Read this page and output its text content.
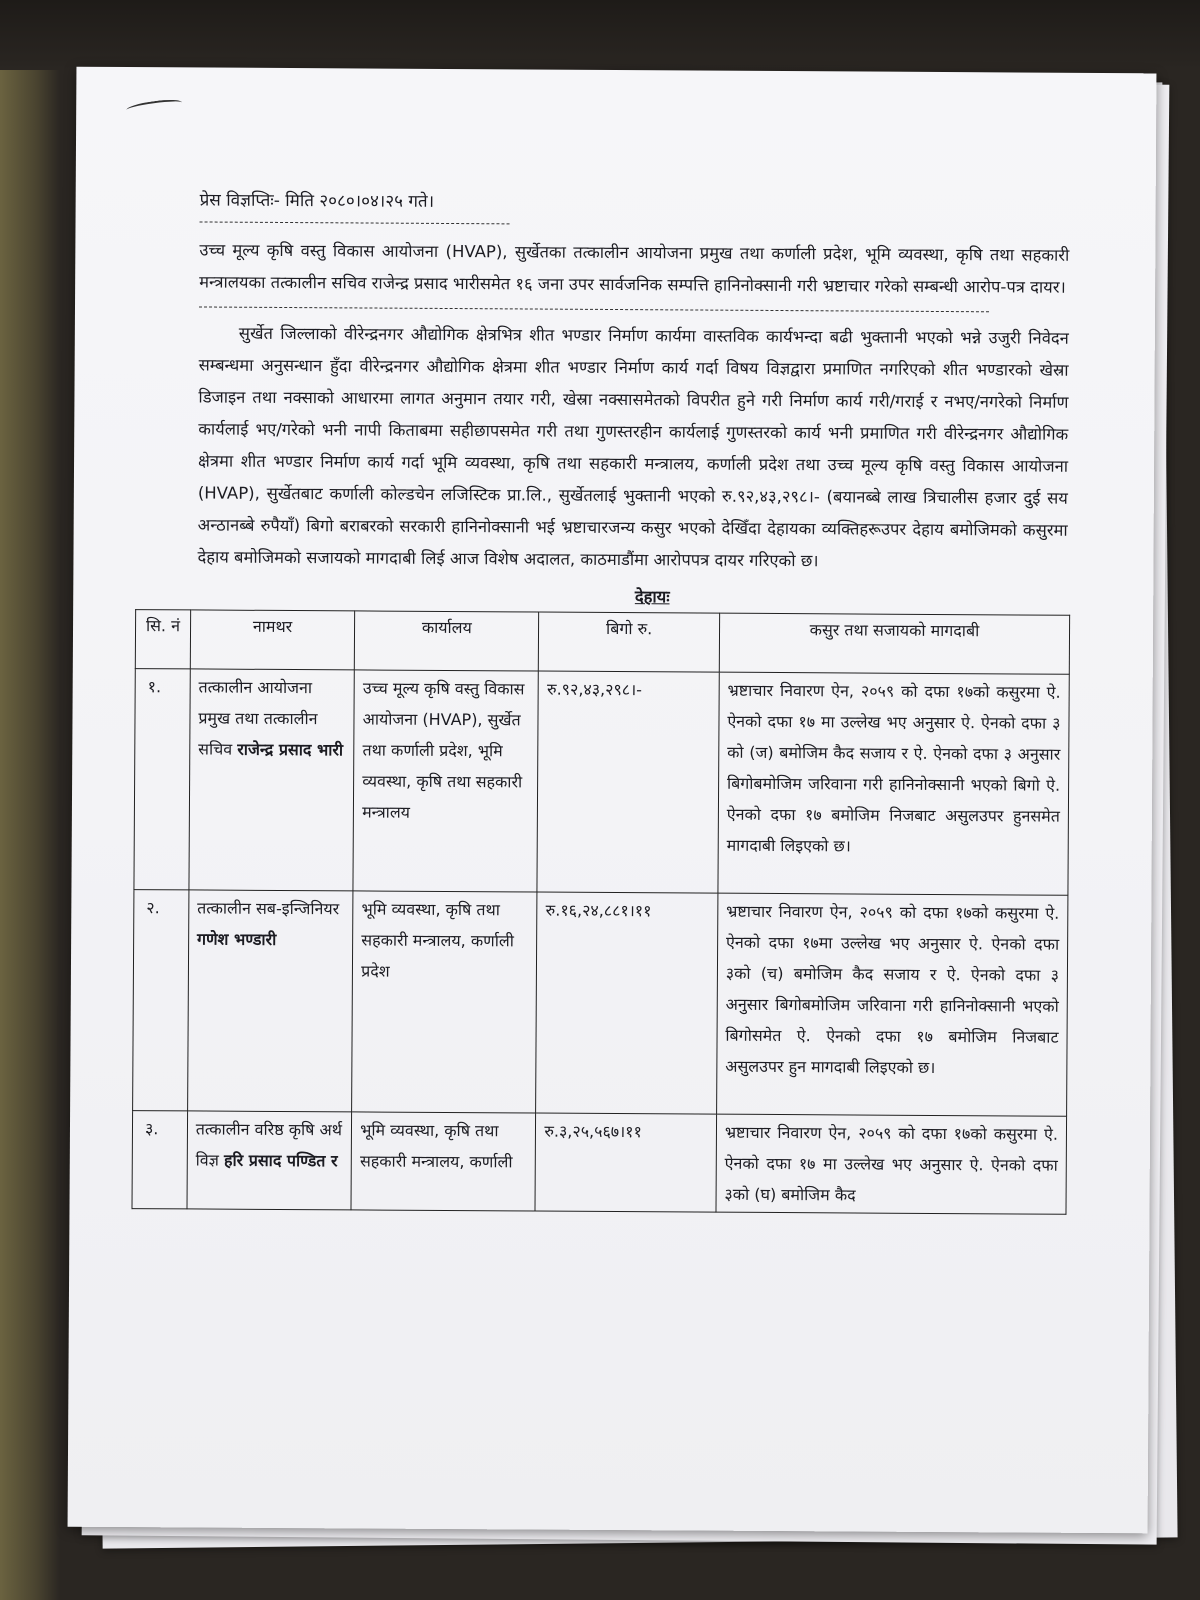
प्रेस विज्ञप्तिः- मिति २०८०।०४।२५ गते।

उच्च मूल्य कृषि वस्तु विकास आयोजना (HVAP), सुर्खेतका तत्कालीन आयोजना प्रमुख तथा कर्णाली प्रदेश, भूमि व्यवस्था, कृषि तथा सहकारी मन्त्रालयका तत्कालीन सचिव राजेन्द्र प्रसाद भारीसमेत १६ जना उपर सार्वजनिक सम्पत्ति हानिनोक्सानी गरी भ्रष्टाचार गरेको सम्बन्धी आरोप-पत्र दायर।

सुर्खेत जिल्लाको वीरेन्द्रनगर औद्योगिक क्षेत्रभित्र शीत भण्डार निर्माण कार्यमा वास्तविक कार्यभन्दा बढी भुक्तानी भएको भन्ने उजुरी निवेदन सम्बन्धमा अनुसन्धान हुँदा वीरेन्द्रनगर औद्योगिक क्षेत्रमा शीत भण्डार निर्माण कार्य गर्दा विषय विज्ञद्वारा प्रमाणित नगरिएको शीत भण्डारको खेस्रा डिजाइन तथा नक्साको आधारमा लागत अनुमान तयार गरी, खेस्रा नक्सासमेतको विपरीत हुने गरी निर्माण कार्य गरी/गराई र नभए/नगरेको निर्माण कार्यलाई भए/गरेको भनी नापी किताबमा सहीछापसमेत गरी तथा गुणस्तरहीन कार्यलाई गुणस्तरको कार्य भनी प्रमाणित गरी वीरेन्द्रनगर औद्योगिक क्षेत्रमा शीत भण्डार निर्माण कार्य गर्दा भूमि व्यवस्था, कृषि तथा सहकारी मन्त्रालय, कर्णाली प्रदेश तथा उच्च मूल्य कृषि वस्तु विकास आयोजना (HVAP), सुर्खेतबाट कर्णाली कोल्डचेन लजिस्टिक प्रा.लि., सुर्खेतलाई भुक्तानी भएको रु.९२,४३,२९८।- (बयानब्बे लाख त्रिचालीस हजार दुई सय अन्ठानब्बे रुपैयाँ) बिगो बराबरको सरकारी हानिनोक्सानी भई भ्रष्टाचारजन्य कसुर भएको देखिँदा देहायका व्यक्तिहरूउपर देहाय बमोजिमको कसुरमा देहाय बमोजिमको सजायको मागदाबी लिई आज विशेष अदालत, काठमाडौंमा आरोपपत्र दायर गरिएको छ।

देहायः
सि. नं	नामथर	कार्यालय	बिगो रु.	कसुर तथा सजायको मागदाबी
१.	तत्कालीन आयोजना प्रमुख तथा तत्कालीन सचिव राजेन्द्र प्रसाद भारी	उच्च मूल्य कृषि वस्तु विकास आयोजना (HVAP), सुर्खेत तथा कर्णाली प्रदेश, भूमि व्यवस्था, कृषि तथा सहकारी मन्त्रालय	रु.९२,४३,२९८।-	भ्रष्टाचार निवारण ऐन, २०५९ को दफा १७को कसुरमा ऐ. ऐनको दफा १७ मा उल्लेख भए अनुसार ऐ. ऐनको दफा ३ को (ज) बमोजिम कैद सजाय र ऐ. ऐनको दफा ३ अनुसार बिगोबमोजिम जरिवाना गरी हानिनोक्सानी भएको बिगो ऐ. ऐनको दफा १७ बमोजिम निजबाट असुलउपर हुनसमेत मागदाबी लिइएको छ।
२.	तत्कालीन सब-इन्जिनियर गणेश भण्डारी	भूमि व्यवस्था, कृषि तथा सहकारी मन्त्रालय, कर्णाली प्रदेश	रु.१६,२४,८८१।११	भ्रष्टाचार निवारण ऐन, २०५९ को दफा १७को कसुरमा ऐ. ऐनको दफा १७मा उल्लेख भए अनुसार ऐ. ऐनको दफा ३को (च) बमोजिम कैद सजाय र ऐ. ऐनको दफा ३ अनुसार बिगोबमोजिम जरिवाना गरी हानिनोक्सानी भएको बिगोसमेत ऐ. ऐनको दफा १७ बमोजिम निजबाट असुलउपर हुन मागदाबी लिइएको छ।
३.	तत्कालीन वरिष्ठ कृषि अर्थ विज्ञ हरि प्रसाद पण्डित र	भूमि व्यवस्था, कृषि तथा सहकारी मन्त्रालय, कर्णाली	रु.३,२५,५६७।११	भ्रष्टाचार निवारण ऐन, २०५९ को दफा १७को कसुरमा ऐ. ऐनको दफा १७ मा उल्लेख भए अनुसार ऐ. ऐनको दफा ३को (घ) बमोजिम कैद
